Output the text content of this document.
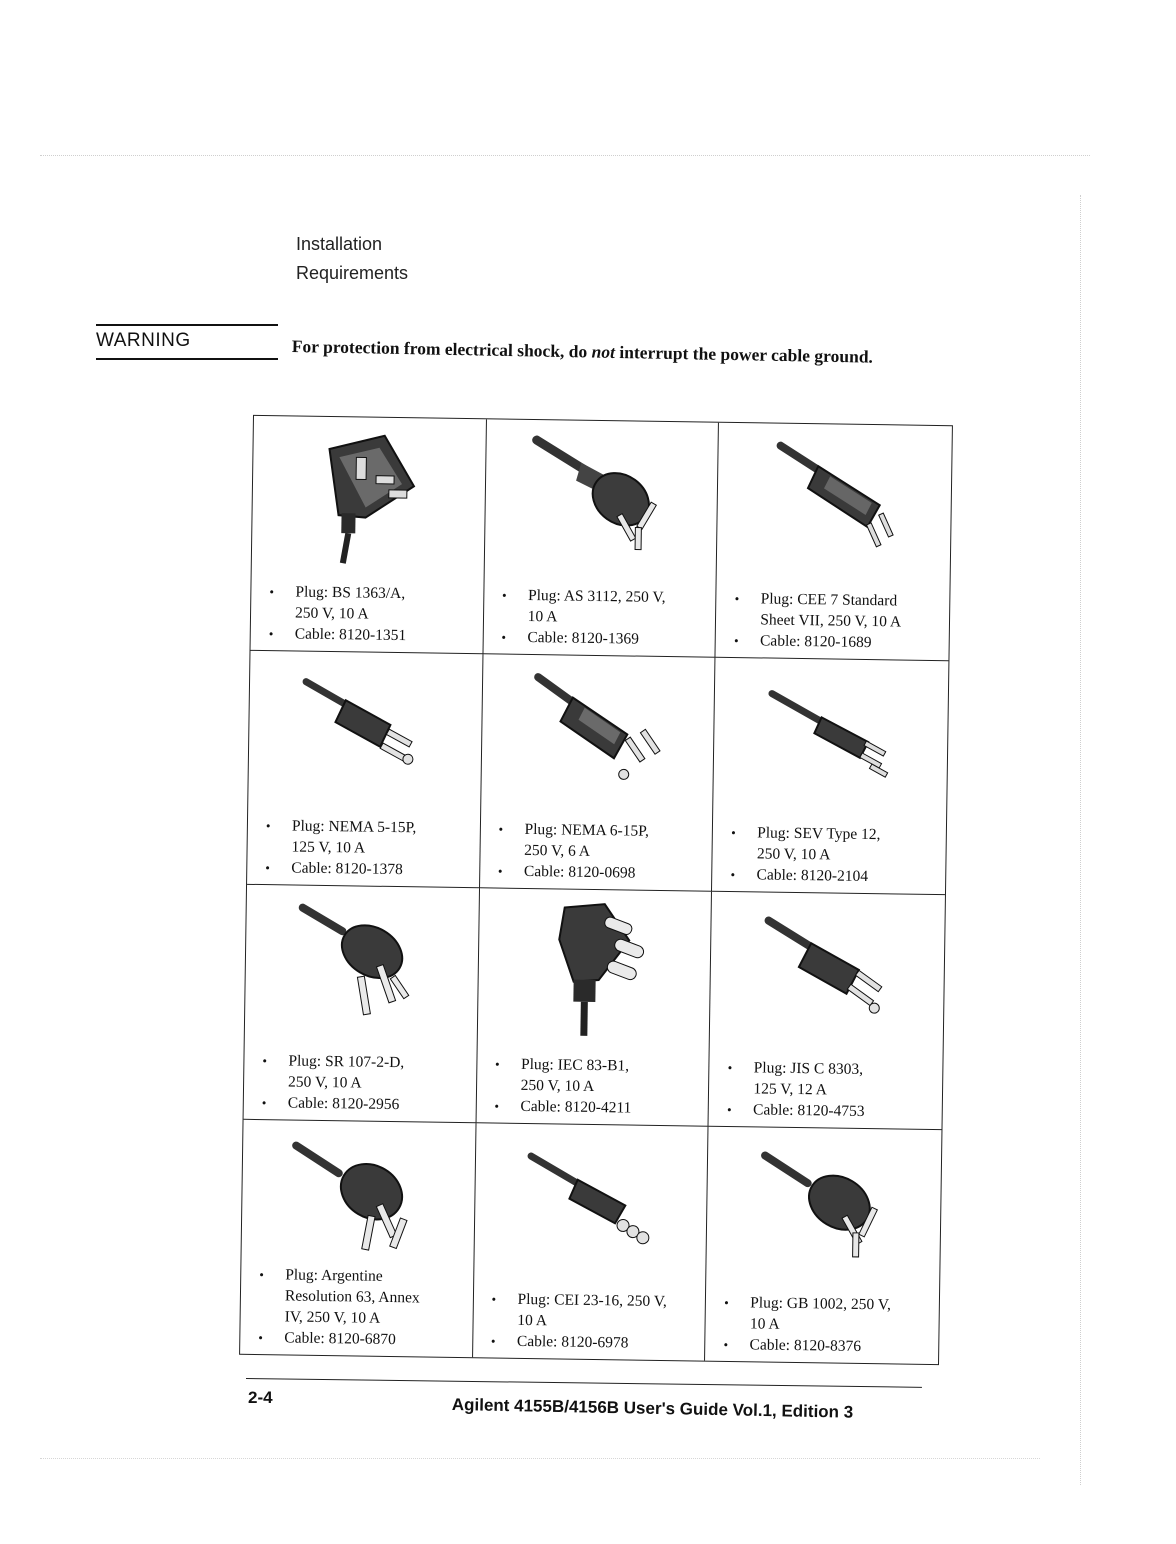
Installation
Requirements
WARNING	For protection from electrical shock, do not interrupt the power cable ground.
• Plug: BS 1363/A,
250 V, 10 A
• Cable: 8120-1351
• Plug: AS 3112, 250 V,
10 A
• Cable: 8120-1369
• Plug: CEE 7 Standard
Sheet VII, 250 V, 10 A
• Cable: 8120-1689
• Plug: NEMA 5-15P,
125 V, 10 A
• Cable: 8120-1378
• Plug: NEMA 6-15P,
250 V, 6 A
• Cable: 8120-0698
• Plug: SEV Type 12,
250 V, 10 A
• Cable: 8120-2104
• Plug: SR 107-2-D,
250 V, 10 A
• Cable: 8120-2956
• Plug: IEC 83-B1,
250 V, 10 A
• Cable: 8120-4211
• Plug: JIS C 8303,
125 V, 12 A
• Cable: 8120-4753
• Plug: Argentine
Resolution 63, Annex
IV, 250 V, 10 A
• Cable: 8120-6870
• Plug: CEI 23-16, 250 V,
10 A
• Cable: 8120-6978
• Plug: GB 1002, 250 V,
10 A
• Cable: 8120-8376
2-4	Agilent 4155B/4156B User's Guide Vol.1, Edition 3
